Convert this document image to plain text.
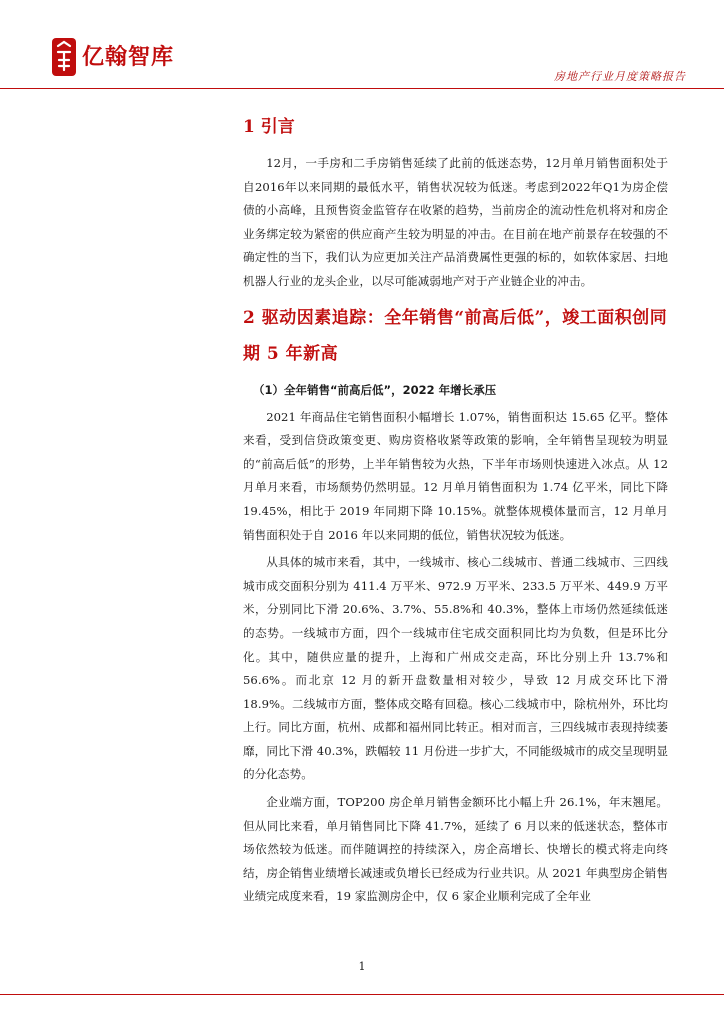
亿翰智库
房地产行业月度策略报告
1 引言

12月，一手房和二手房销售延续了此前的低迷态势，12月单月销售面积处于自2016年以来同期的最低水平，销售状况较为低迷。考虑到2022年Q1为房企偿债的小高峰，且预售资金监管存在收紧的趋势，当前房企的流动性危机将对和房企业务绑定较为紧密的供应商产生较为明显的冲击。在目前在地产前景存在较强的不确定性的当下，我们认为应更加关注产品消费属性更强的标的，如软体家居、扫地机器人行业的龙头企业，以尽可能减弱地产对于产业链企业的冲击。

2 驱动因素追踪：全年销售“前高后低”，竣工面积创同期 5 年新高
（1）全年销售“前高后低”，2022 年增长承压

2021 年商品住宅销售面积小幅增长 1.07%，销售面积达 15.65 亿平。整体来看，受到信贷政策变更、购房资格收紧等政策的影响，全年销售呈现较为明显的“前高后低”的形势，上半年销售较为火热，下半年市场则快速进入冰点。从 12 月单月来看，市场颓势仍然明显。12 月单月销售面积为 1.74 亿平米，同比下降 19.45%，相比于 2019 年同期下降 10.15%。就整体规模体量而言，12 月单月销售面积处于自 2016 年以来同期的低位，销售状况较为低迷。

从具体的城市来看，其中，一线城市、核心二线城市、普通二线城市、三四线城市成交面积分别为 411.4 万平米、972.9 万平米、233.5 万平米、449.9 万平米，分别同比下滑 20.6%、3.7%、55.8%和 40.3%，整体上市场仍然延续低迷的态势。一线城市方面，四个一线城市住宅成交面积同比均为负数，但是环比分化。其中，随供应量的提升，上海和广州成交走高，环比分别上升 13.7%和 56.6%。而北京 12 月的新开盘数量相对较少，导致 12 月成交环比下滑 18.9%。二线城市方面，整体成交略有回稳。核心二线城市中，除杭州外，环比均上行。同比方面，杭州、成都和福州同比转正。相对而言，三四线城市表现持续萎靡，同比下滑 40.3%，跌幅较 11 月份进一步扩大，不同能级城市的成交呈现明显的分化态势。

企业端方面，TOP200 房企单月销售金额环比小幅上升 26.1%，年末翘尾。但从同比来看，单月销售同比下降 41.7%，延续了 6 月以来的低迷状态，整体市场依然较为低迷。而伴随调控的持续深入，房企高增长、快增长的模式将走向终结，房企销售业绩增长减速或负增长已经成为行业共识。从 2021 年典型房企销售业绩完成度来看，19 家监测房企中，仅 6 家企业顺利完成了全年业

1
